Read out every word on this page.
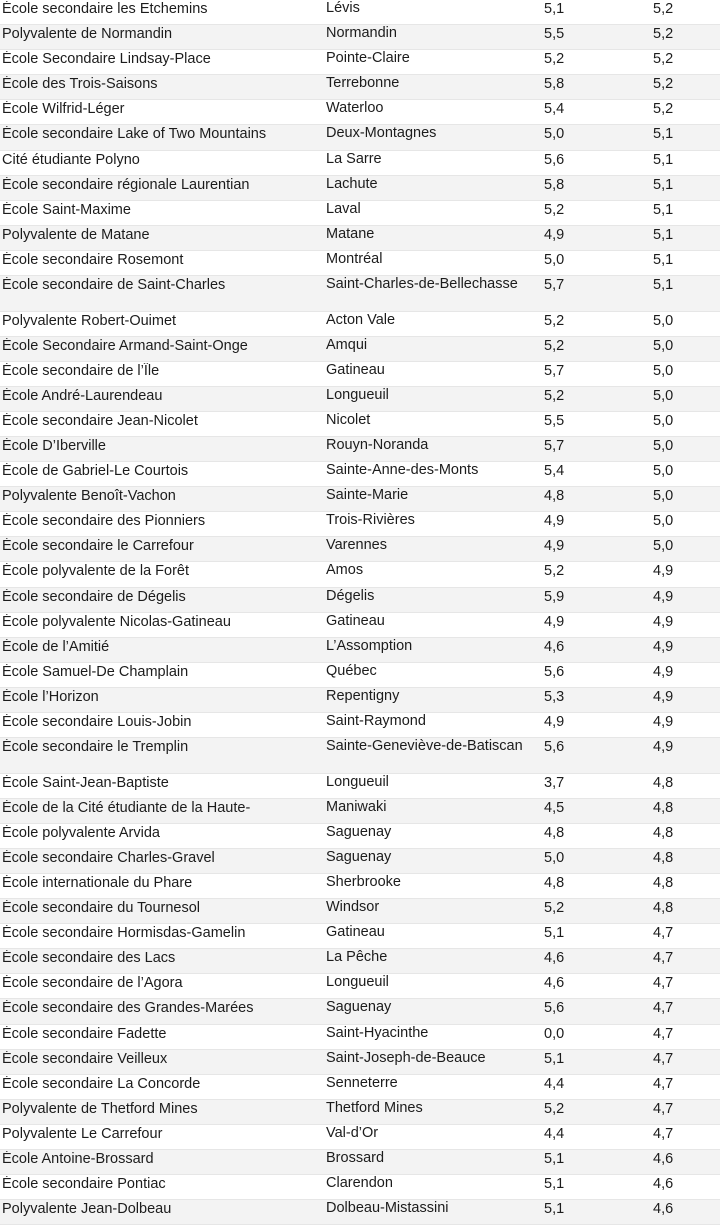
École secondaire les Etchemins	Lévis	5,1	5,2
Polyvalente de Normandin	Normandin	5,5	5,2
École Secondaire Lindsay-Place	Pointe-Claire	5,2	5,2
École des Trois-Saisons	Terrebonne	5,8	5,2
École Wilfrid-Léger	Waterloo	5,4	5,2
École secondaire Lake of Two Mountains	Deux-Montagnes	5,0	5,1
Cité étudiante Polyno	La Sarre	5,6	5,1
École secondaire régionale Laurentian	Lachute	5,8	5,1
École Saint-Maxime	Laval	5,2	5,1
Polyvalente de Matane	Matane	4,9	5,1
École secondaire Rosemont	Montréal	5,0	5,1
École secondaire de Saint-Charles	Saint-Charles-de-Bellechasse	5,7	5,1
Polyvalente Robert-Ouimet	Acton Vale	5,2	5,0
École Secondaire Armand-Saint-Onge	Amqui	5,2	5,0
École secondaire de l’Île	Gatineau	5,7	5,0
École André-Laurendeau	Longueuil	5,2	5,0
École secondaire Jean-Nicolet	Nicolet	5,5	5,0
École D’Iberville	Rouyn-Noranda	5,7	5,0
École de Gabriel-Le Courtois	Sainte-Anne-des-Monts	5,4	5,0
Polyvalente Benoît-Vachon	Sainte-Marie	4,8	5,0
École secondaire des Pionniers	Trois-Rivières	4,9	5,0
École secondaire le Carrefour	Varennes	4,9	5,0
École polyvalente de la Forêt	Amos	5,2	4,9
École secondaire de Dégelis	Dégelis	5,9	4,9
École polyvalente Nicolas-Gatineau	Gatineau	4,9	4,9
École de l’Amitié	L’Assomption	4,6	4,9
École Samuel-De Champlain	Québec	5,6	4,9
École l’Horizon	Repentigny	5,3	4,9
École secondaire Louis-Jobin	Saint-Raymond	4,9	4,9
École secondaire le Tremplin	Sainte-Geneviève-de-Batiscan 5,6	4,9
École Saint-Jean-Baptiste	Longueuil	3,7	4,8
École de la Cité étudiante de la Haute-	Maniwaki	4,5	4,8
École polyvalente Arvida	Saguenay	4,8	4,8
École secondaire Charles-Gravel	Saguenay	5,0	4,8
École internationale du Phare	Sherbrooke	4,8	4,8
École secondaire du Tournesol	Windsor	5,2	4,8
École secondaire Hormisdas-Gamelin	Gatineau	5,1	4,7
École secondaire des Lacs	La Pêche	4,6	4,7
École secondaire de l’Agora	Longueuil	4,6	4,7
École secondaire des Grandes-Marées	Saguenay	5,6	4,7
École secondaire Fadette	Saint-Hyacinthe	0,0	4,7
École secondaire Veilleux	Saint-Joseph-de-Beauce	5,1	4,7
École secondaire La Concorde	Senneterre	4,4	4,7
Polyvalente de Thetford Mines	Thetford Mines	5,2	4,7
Polyvalente Le Carrefour	Val-d’Or	4,4	4,7
École Antoine-Brossard	Brossard	5,1	4,6
École secondaire Pontiac	Clarendon	5,1	4,6
Polyvalente Jean-Dolbeau	Dolbeau-Mistassini	5,1	4,6
